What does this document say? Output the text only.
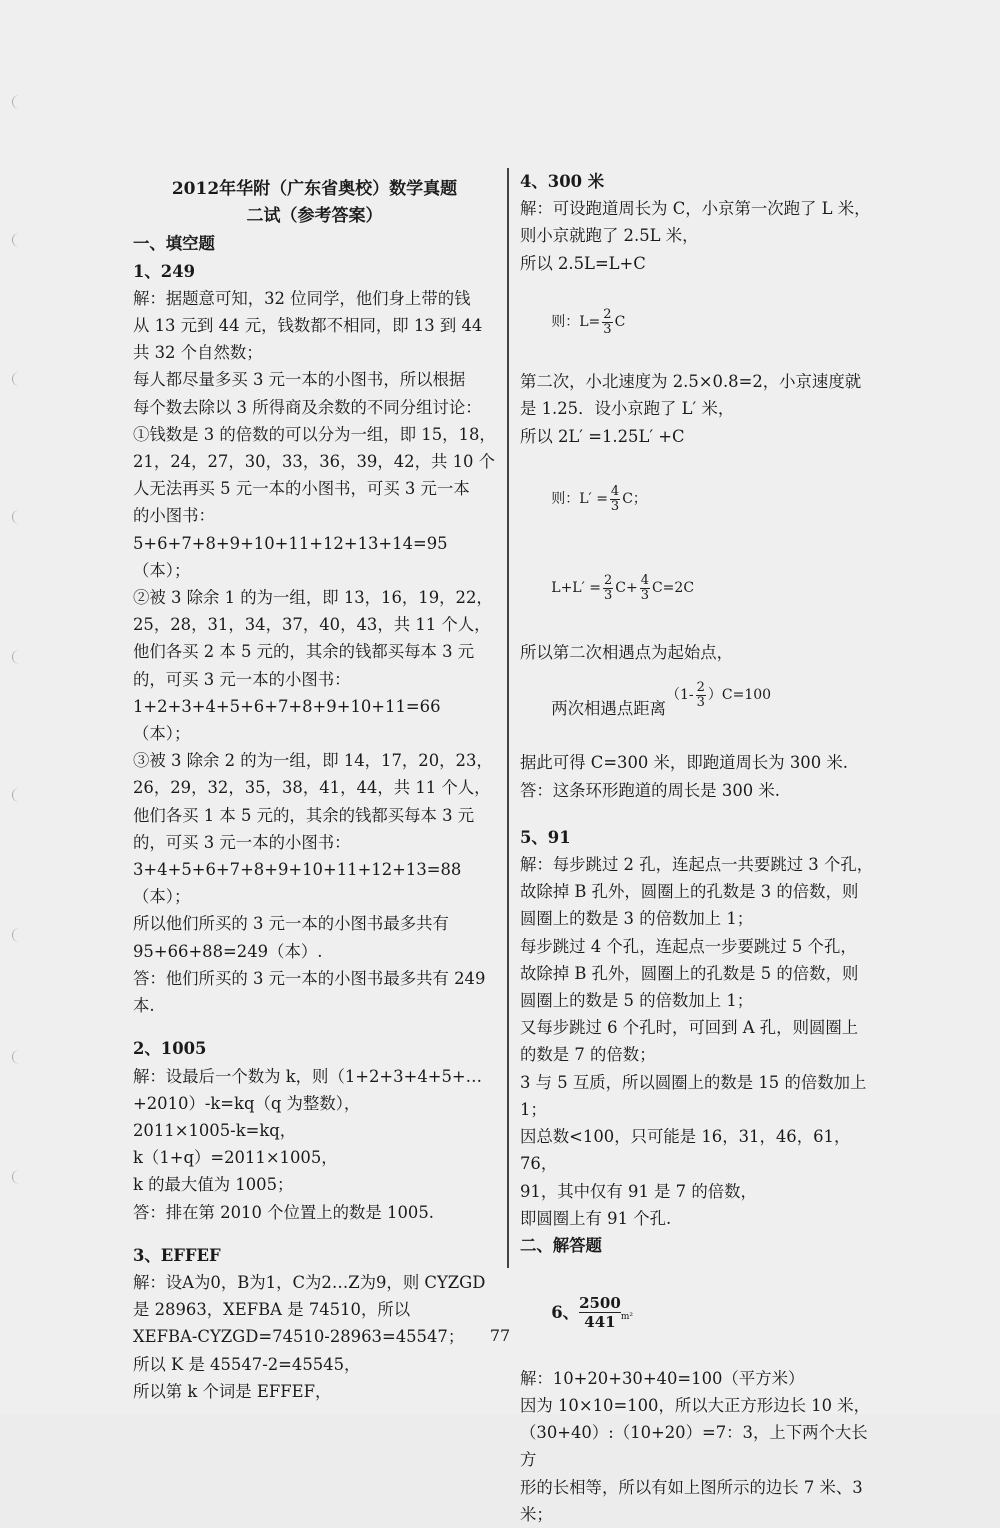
2012年华附（广东省奥校）数学真题

二试（参考答案）

一、填空题

1、249

解：据题意可知，32 位同学，他们身上带的钱

从 13 元到 44 元，钱数都不相同，即 13 到 44

共 32 个自然数；

每人都尽量多买 3 元一本的小图书，所以根据

每个数去除以 3 所得商及余数的不同分组讨论：

①钱数是 3 的倍数的可以分为一组，即 15，18，

21，24，27，30，33，36，39，42，共 10 个

人无法再买 5 元一本的小图书，可买 3 元一本

的小图书：

5+6+7+8+9+10+11+12+13+14=95（本）；

②被 3 除余 1 的为一组，即 13，16，19，22，

25，28，31，34，37，40，43，共 11 个人，

他们各买 2 本 5 元的，其余的钱都买每本 3 元

的，可买 3 元一本的小图书：

1+2+3+4+5+6+7+8+9+10+11=66（本）；

③被 3 除余 2 的为一组，即 14，17，20，23，

26，29，32，35，38，41，44，共 11 个人，

他们各买 1 本 5 元的，其余的钱都买每本 3 元

的，可买 3 元一本的小图书：

3+4+5+6+7+8+9+10+11+12+13=88（本）；

所以他们所买的 3 元一本的小图书最多共有

95+66+88=249（本）.

答：他们所买的 3 元一本的小图书最多共有 249

本.

2、1005

解：设最后一个数为 k，则（1+2+3+4+5+…

+2010）-k=kq（q 为整数），

2011×1005-k=kq，

k（1+q）=2011×1005，

k 的最大值为 1005；

答：排在第 2010 个位置上的数是 1005.

3、EFFEF

解：设A为0，B为1，C为2…Z为9，则 CYZGD

是 28963，XEFBA 是 74510，所以

XEFBA-CYZGD=74510-28963=45547；

所以 K 是 45547-2=45545，

所以第 k 个词是 EFFEF，

4、300 米

解：可设跑道周长为 C，小京第一次跑了 L 米，

则小京就跑了 2.5L 米，

所以 2.5L=L+C

则：$L= \frac{2}{3}$ C

第二次，小北速度为 2.5×0.8=2，小京速度就

是 1.25．设小京跑了 L′ 米，

所以 2L′ =1.25L′ +C

则：$L' = \frac{4}{3}$ C；

$L+L' = \frac{2}{3} C+ \frac{4}{3} C=2C$

所以第二次相遇点为起始点，

两次相遇点距离$(1- \frac{2}{3} )C=100$

据此可得 C=300 米，即跑道周长为 300 米.

答：这条环形跑道的周长是 300 米.

5、91

解：每步跳过 2 孔，连起点一共要跳过 3 个孔，

故除掉 B 孔外，圆圈上的孔数是 3 的倍数，则

圆圈上的数是 3 的倍数加上 1；

每步跳过 4 个孔，连起点一步要跳过 5 个孔，

故除掉 B 孔外，圆圈上的孔数是 5 的倍数，则

圆圈上的数是 5 的倍数加上 1；

又每步跳过 6 个孔时，可回到 A 孔，则圆圈上

的数是 7 的倍数；

3 与 5 互质，所以圆圈上的数是 15 的倍数加上

1；

因总数<100，只可能是 16，31，46，61，76，

91，其中仅有 91 是 7 的倍数，

即圆圈上有 91 个孔.

二、解答题

6、 $\frac{2500}{441} m^2$

解：10+20+30+40=100（平方米）

因为 10×10=100，所以大正方形边长 10 米，

（30+40）:（10+20）=7：3，上下两个大长方

形的长相等，所以有如上图所示的边长 7 米、3

米；

77
